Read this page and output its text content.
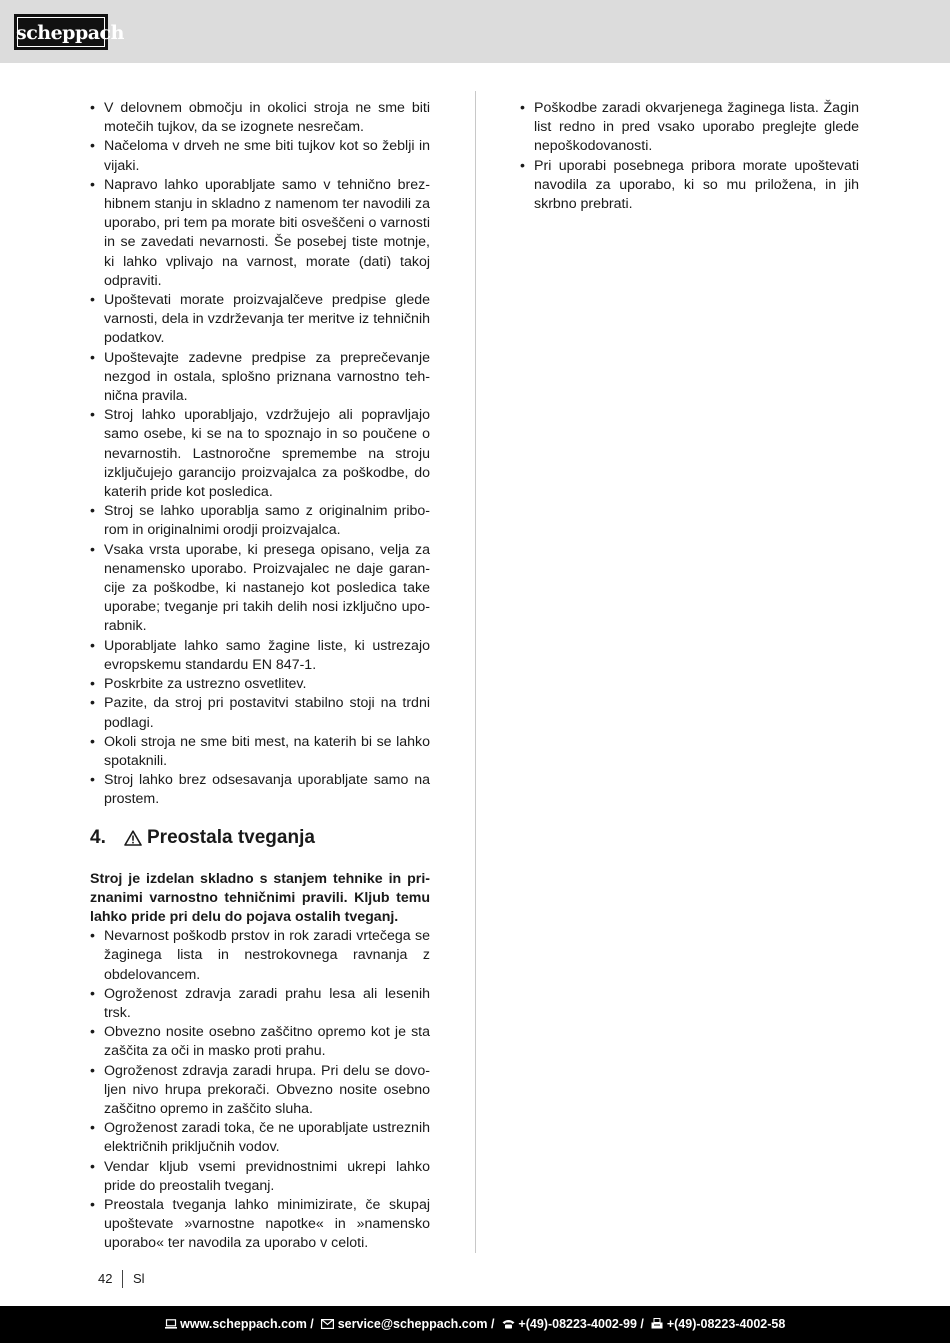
scheppach
• V delovnem območju in okolici stroja ne sme biti motečih tujkov, da se izognete nesrečam.
• Načeloma v drveh ne sme biti tujkov kot so žeblji in vijaki.
• Napravo lahko uporabljate samo v tehnično brezhibnem stanju in skladno z namenom ter navodili za uporabo, pri tem pa morate biti osveščeni o varnosti in se zavedati nevarnosti. Še posebej tiste motnje, ki lahko vplivajo na varnost, morate (dati) takoj odpraviti.
• Upoštevati morate proizvajalčeve predpise glede varnosti, dela in vzdrževanja ter meritve iz tehničnih podatkov.
• Upoštevajte zadevne predpise za preprečevanje nezgod in ostala, splošno priznana varnostno tehnična pravila.
• Stroj lahko uporabljajo, vzdržujejo ali popravljajo samo osebe, ki se na to spoznajo in so poučene o nevarnostih. Lastnoročne spremembe na stroju izključujejo garancijo proizvajalca za poškodbe, do katerih pride kot posledica.
• Stroj se lahko uporablja samo z originalnim priborom in originalnimi orodji proizvajalca.
• Vsaka vrsta uporabe, ki presega opisano, velja za nenamensko uporabo. Proizvajalec ne daje garancije za poškodbe, ki nastanejo kot posledica take uporabe; tveganje pri takih delih nosi izključno uporabnik.
• Uporabljate lahko samo žagine liste, ki ustrezajo evropskemu standardu EN 847-1.
• Poskrbite za ustrezno osvetlitev.
• Pazite, da stroj pri postavitvi stabilno stoji na trdni podlagi.
• Okoli stroja ne sme biti mest, na katerih bi se lahko spotaknili.
• Stroj lahko brez odsesavanja uporabljate samo na prostem.
4.	Preostala tveganja

Stroj je izdelan skladno s stanjem tehnike in priznanimi varnostno tehničnimi pravili. Kljub temu lahko pride pri delu do pojava ostalih tveganj.

• Nevarnost poškodb prstov in rok zaradi vrtečega se žaginega lista in nestrokovnega ravnanja z obdelovancem.
• Ogroženost zdravja zaradi prahu lesa ali lesenih trsk.
• Obvezno nosite osebno zaščitno opremo kot je sta zaščita za oči in masko proti prahu.
• Ogroženost zdravja zaradi hrupa. Pri delu se dovoljen nivo hrupa prekorači. Obvezno nosite osebno zaščitno opremo in zaščito sluha.
• Ogroženost zaradi toka, če ne uporabljate ustreznih električnih priključnih vodov.
• Vendar kljub vsemi previdnostnimi ukrepi lahko pride do preostalih tveganj.
• Preostala tveganja lahko minimizirate, če skupaj upoštevate »varnostne napotke« in »namensko uporabo« ter navodila za uporabo v celoti.
• Poškodbe zaradi okvarjenega žaginega lista. Žagin list redno in pred vsako uporabo preglejte glede nepoškodovanosti.
• Pri uporabi posebnega pribora morate upoštevati navodila za uporabo, ki so mu priložena, in jih skrbno prebrati.
42 Sl
www.scheppach.com / service@scheppach.com / +(49)-08223-4002-99 / +(49)-08223-4002-58
